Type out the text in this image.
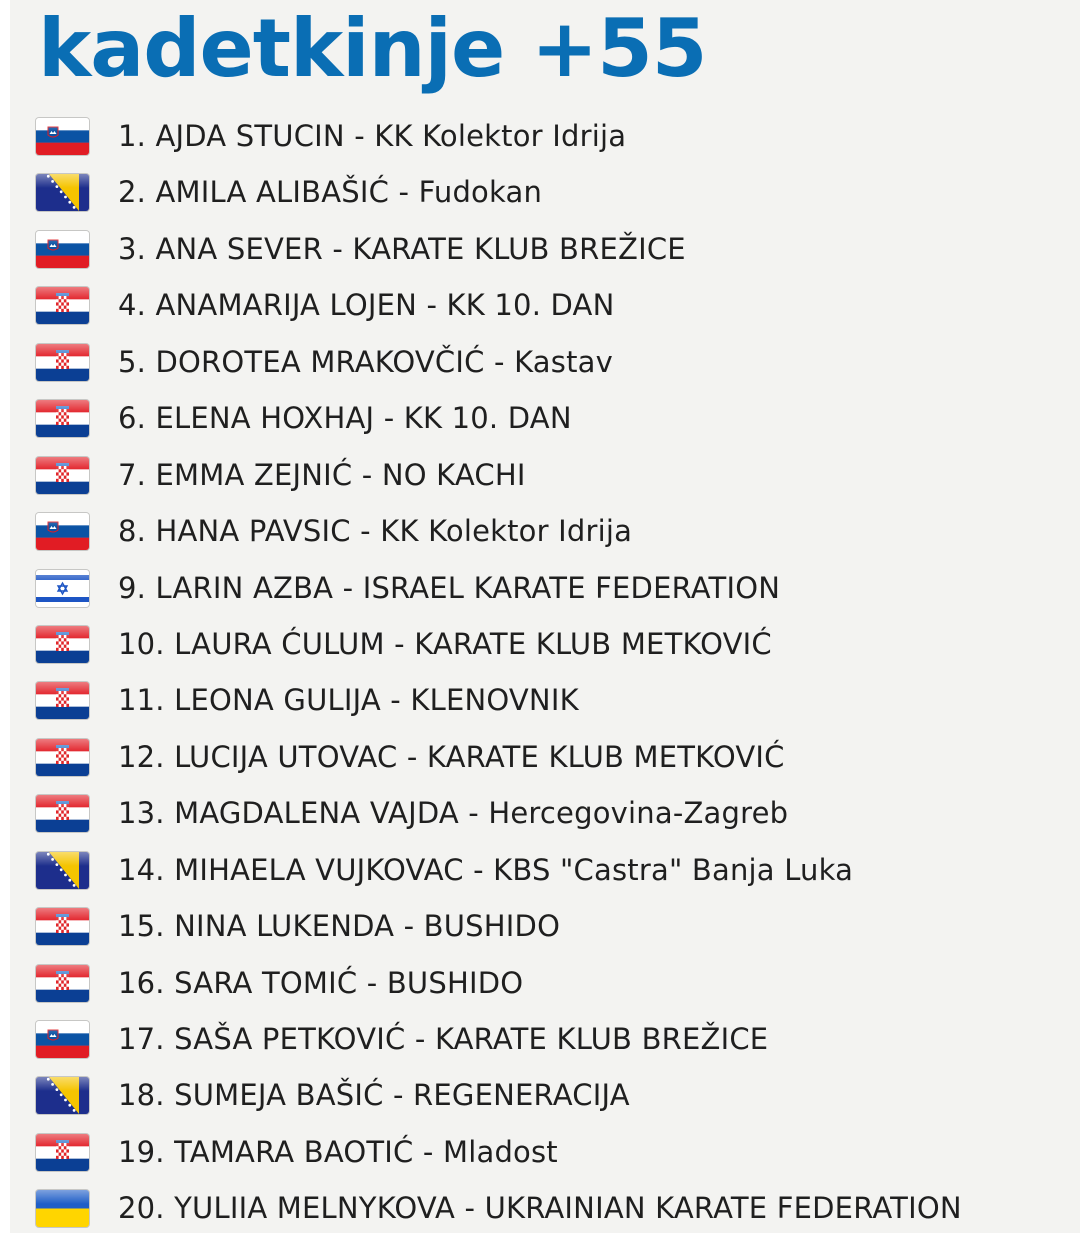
kadetkinje +55
1. AJDA STUCIN - KK Kolektor Idrija
2. AMILA ALIBAŠIĆ - Fudokan
3. ANA SEVER - KARATE KLUB BREŽICE
4. ANAMARIJA LOJEN - KK 10. DAN
5. DOROTEA MRAKOVČIĆ - Kastav
6. ELENA HOXHAJ - KK 10. DAN
7. EMMA ZEJNIĆ - NO KACHI
8. HANA PAVSIC - KK Kolektor Idrija
9. LARIN AZBA - ISRAEL KARATE FEDERATION
10. LAURA ĆULUM - KARATE KLUB METKOVIĆ
11. LEONA GULIJA - KLENOVNIK
12. LUCIJA UTOVAC - KARATE KLUB METKOVIĆ
13. MAGDALENA VAJDA - Hercegovina-Zagreb
14. MIHAELA VUJKOVAC - KBS "Castra" Banja Luka
15. NINA LUKENDA - BUSHIDO
16. SARA TOMIĆ - BUSHIDO
17. SAŠA PETKOVIĆ - KARATE KLUB BREŽICE
18. SUMEJA BAŠIĆ - REGENERACIJA
19. TAMARA BAOTIĆ - Mladost
20. YULIIA MELNYKOVA - UKRAINIAN KARATE FEDERATION
